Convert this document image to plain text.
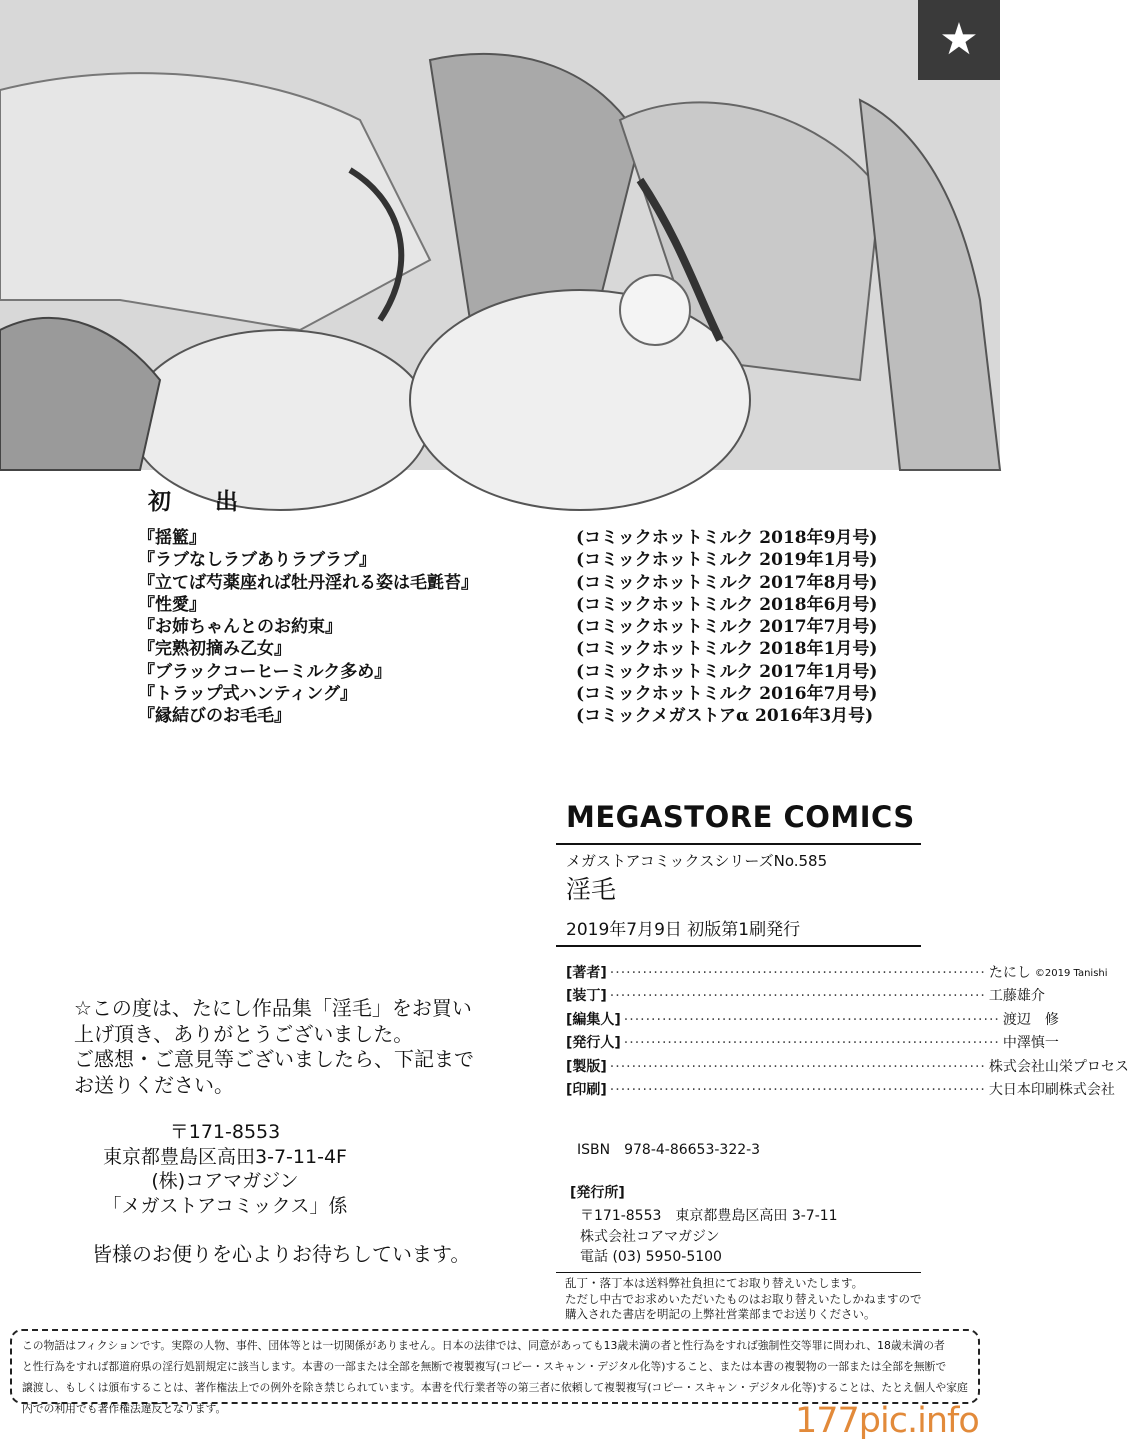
★
初 出
『揺籃』
『ラブなしラブありラブラブ』
『立てば芍薬座れば牡丹淫れる姿は毛氈苔』
『性愛』
『お姉ちゃんとのお約束』
『完熟初摘み乙女』
『ブラックコーヒーミルク多め』
『トラップ式ハンティング』
『縁結びのお毛毛』
(コミックホットミルク 2018年9月号)
(コミックホットミルク 2019年1月号)
(コミックホットミルク 2017年8月号)
(コミックホットミルク 2018年6月号)
(コミックホットミルク 2017年7月号)
(コミックホットミルク 2018年1月号)
(コミックホットミルク 2017年1月号)
(コミックホットミルク 2016年7月号)
(コミックメガストアα 2016年3月号)
MEGASTORE COMICS
メガストアコミックスシリーズNo.585
淫毛
2019年7月9日 初版第1刷発行
[著者] ····································································· たにし ©2019 Tanishi
[装丁] ····································································· 工藤雄介
[編集人] ····································································· 渡辺　修
[発行人] ····································································· 中澤慎一
[製版] ····································································· 株式会社山栄プロセス
[印刷] ····································································· 大日本印刷株式会社
ISBN　978-4-86653-322-3
[発行所]
〒171-8553　東京都豊島区高田 3-7-11
株式会社コアマガジン
電話 (03) 5950-5100
乱丁・落丁本は送料弊社負担にてお取り替えいたします。
ただし中古でお求めいただいたものはお取り替えいたしかねますので
購入された書店を明記の上弊社営業部までお送りください。
☆この度は、たにし作品集「淫毛」をお買い
上げ頂き、ありがとうございました。
ご感想・ご意見等ございましたら、下記まで
お送りください。
〒171-8553
東京都豊島区高田3-7-11-4F
(株)コアマガジン
「メガストアコミックス」係
皆様のお便りを心よりお待ちしています。
この物語はフィクションです。実際の人物、事件、団体等とは一切関係がありません。日本の法律では、同意があっても13歳未満の者と性行為をすれば強制性交等罪に問われ、18歳未満の者
と性行為をすれば都道府県の淫行処罰規定に該当します。本書の一部または全部を無断で複製複写(コピー・スキャン・デジタル化等)すること、または本書の複製物の一部または全部を無断で
譲渡し、もしくは頒布することは、著作権法上での例外を除き禁じられています。本書を代行業者等の第三者に依頼して複製複写(コピー・スキャン・デジタル化等)することは、たとえ個人や家庭
内での利用でも著作権法違反となります。	177pic.info
